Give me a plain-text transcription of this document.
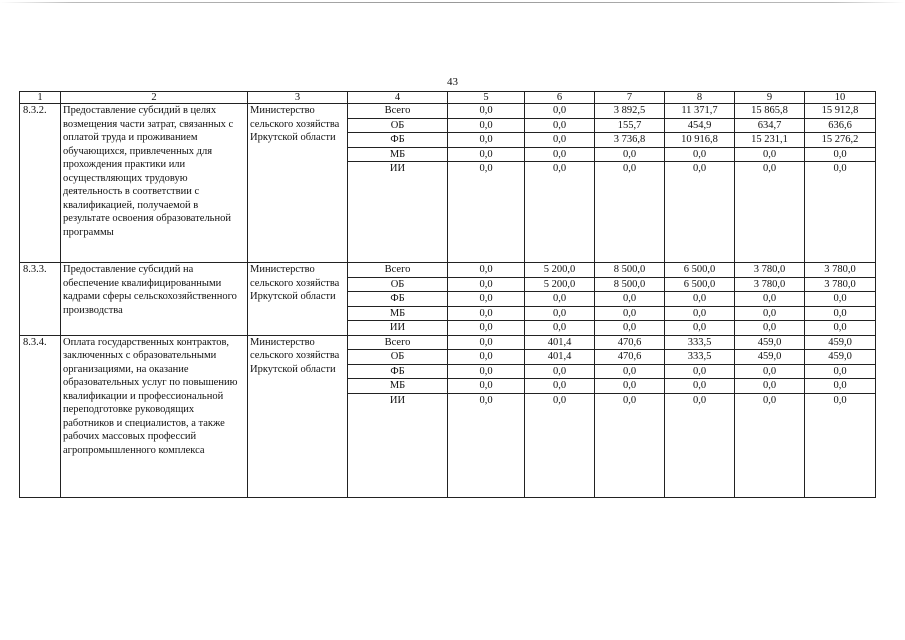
43
1	2	3	4	5	6	7	8	9	10
8.3.2.	Предоставление субсидий в целях возмещения части затрат, связанных с оплатой труда и проживанием обучающихся, привлеченных для прохождения практики или осуществляющих трудовую деятельность в соответствии с квалификацией, получаемой в результате освоения образовательной программы	Министерство сельского хозяйства Иркутской области	Всего	0,0	0,0	3 892,5	11 371,7	15 865,8	15 912,8
			ОБ	0,0	0,0	155,7	454,9	634,7	636,6
			ФБ	0,0	0,0	3 736,8	10 916,8	15 231,1	15 276,2
			МБ	0,0	0,0	0,0	0,0	0,0	0,0
			ИИ	0,0	0,0	0,0	0,0	0,0	0,0
8.3.3.	Предоставление субсидий на обеспечение квалифицированными кадрами сферы сельскохозяйственного производства	Министерство сельского хозяйства Иркутской области	Всего	0,0	5 200,0	8 500,0	6 500,0	3 780,0	3 780,0
			ОБ	0,0	5 200,0	8 500,0	6 500,0	3 780,0	3 780,0
			ФБ	0,0	0,0	0,0	0,0	0,0	0,0
			МБ	0,0	0,0	0,0	0,0	0,0	0,0
			ИИ	0,0	0,0	0,0	0,0	0,0	0,0
8.3.4.	Оплата государственных контрактов, заключенных с образовательными организациями, на оказание образовательных услуг по повышению квалификации и профессиональной переподготовке руководящих работников и специалистов, а также рабочих массовых профессий агропромышленного комплекса	Министерство сельского хозяйства Иркутской области	Всего	0,0	401,4	470,6	333,5	459,0	459,0
			ОБ	0,0	401,4	470,6	333,5	459,0	459,0
			ФБ	0,0	0,0	0,0	0,0	0,0	0,0
			МБ	0,0	0,0	0,0	0,0	0,0	0,0
			ИИ	0,0	0,0	0,0	0,0	0,0	0,0
